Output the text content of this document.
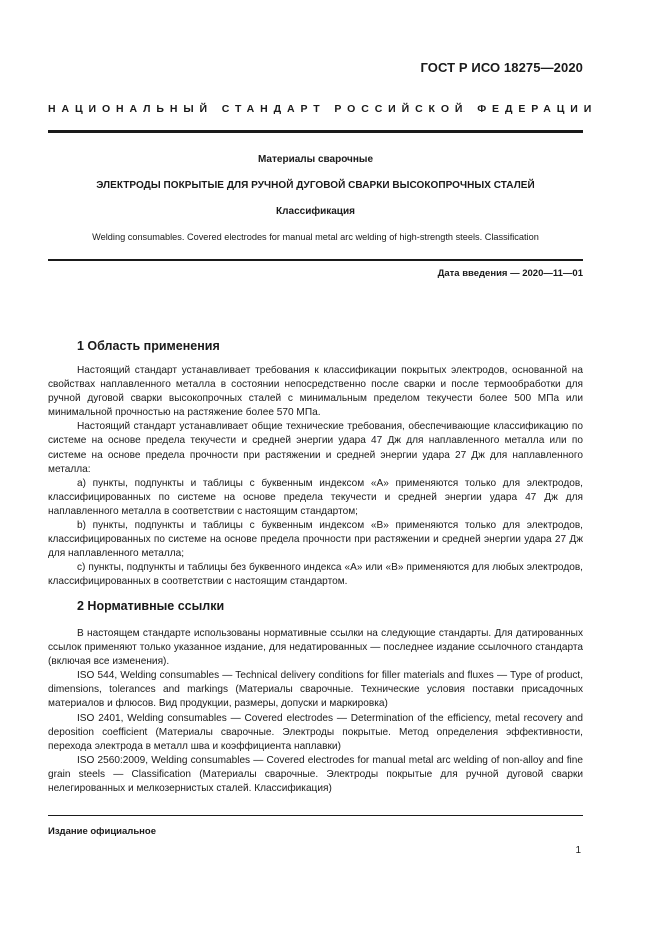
ГОСТ Р ИСО 18275—2020
НАЦИОНАЛЬНЫЙ СТАНДАРТ РОССИЙСКОЙ ФЕДЕРАЦИИ
Материалы сварочные
ЭЛЕКТРОДЫ ПОКРЫТЫЕ ДЛЯ РУЧНОЙ ДУГОВОЙ СВАРКИ ВЫСОКОПРОЧНЫХ СТАЛЕЙ
Классификация
Welding consumables. Covered electrodes for manual metal arc welding of high-strength steels. Classification
Дата введения — 2020—11—01
1 Область применения

Настоящий стандарт устанавливает требования к классификации покрытых электродов, основанной на свойствах наплавленного металла в состоянии непосредственно после сварки и после термообработки для ручной дуговой сварки высокопрочных сталей с минимальным пределом текучести более 500 МПа или минимальной прочностью на растяжение более 570 МПа.

Настоящий стандарт устанавливает общие технические требования, обеспечивающие классификацию по системе на основе предела текучести и средней энергии удара 47 Дж для наплавленного металла или по системе на основе предела прочности при растяжении и средней энергии удара 27 Дж для наплавленного металла:

a) пункты, подпункты и таблицы с буквенным индексом «A» применяются только для электродов, классифицированных по системе на основе предела текучести и средней энергии удара 47 Дж для наплавленного металла в соответствии с настоящим стандартом;

b) пункты, подпункты и таблицы с буквенным индексом «B» применяются только для электродов, классифицированных по системе на основе предела прочности при растяжении и средней энергии удара 27 Дж для наплавленного металла;

c) пункты, подпункты и таблицы без буквенного индекса «A» или «B» применяются для любых электродов, классифицированных в соответствии с настоящим стандартом.

2 Нормативные ссылки

В настоящем стандарте использованы нормативные ссылки на следующие стандарты. Для датированных ссылок применяют только указанное издание, для недатированных — последнее издание ссылочного стандарта (включая все изменения).

ISO 544, Welding consumables — Technical delivery conditions for filler materials and fluxes — Type of product, dimensions, tolerances and markings (Материалы сварочные. Технические условия поставки присадочных материалов и флюсов. Вид продукции, размеры, допуски и маркировка)

ISO 2401, Welding consumables — Covered electrodes — Determination of the efficiency, metal recovery and deposition coefficient (Материалы сварочные. Электроды покрытые. Метод определения эффективности, перехода электрода в металл шва и коэффициента наплавки)

ISO 2560:2009, Welding consumables — Covered electrodes for manual metal arc welding of non-alloy and fine grain steels — Classification (Материалы сварочные. Электроды покрытые для ручной дуговой сварки нелегированных и мелкозернистых сталей. Классификация)

Издание официальное
1
